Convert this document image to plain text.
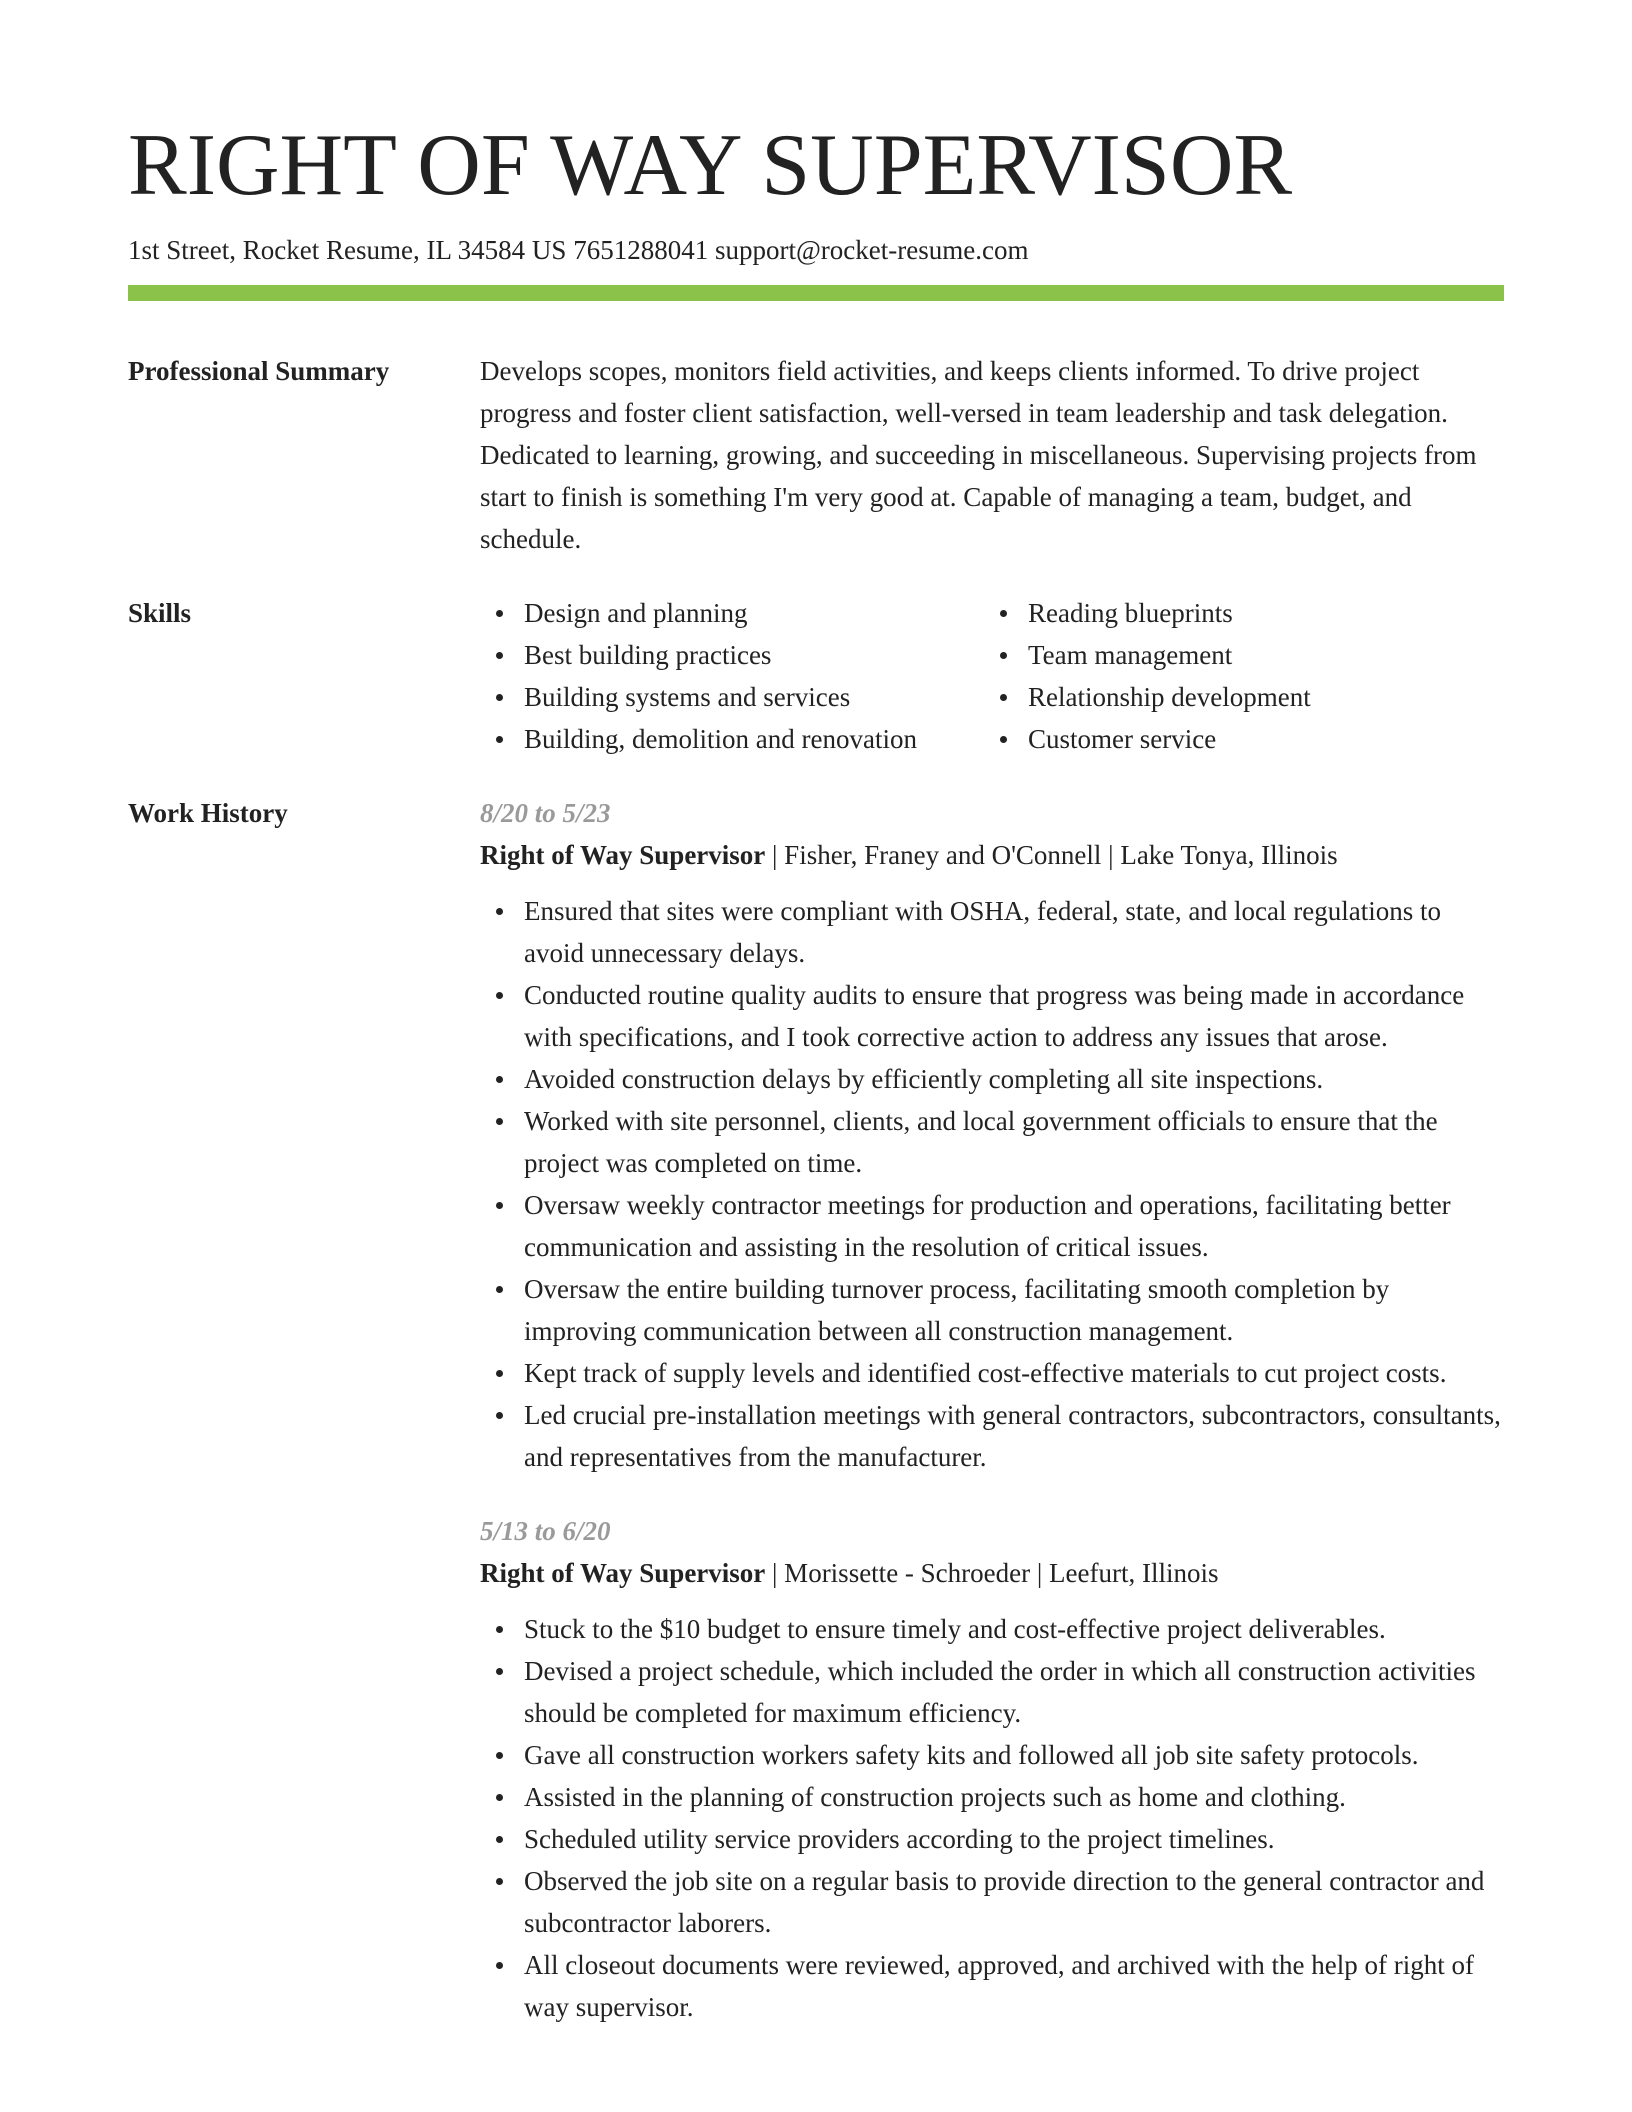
RIGHT OF WAY SUPERVISOR
1st Street, Rocket Resume, IL 34584 US 7651288041 support@rocket-resume.com
Professional Summary	Develops scopes, monitors field activities, and keeps clients informed. To drive project progress and foster client satisfaction, well-versed in team leadership and task delegation. Dedicated to learning, growing, and succeeding in miscellaneous. Supervising projects from start to finish is something I'm very good at. Capable of managing a team, budget, and schedule.

Skills	Design and planning
Best building practices
Building systems and services
Building, demolition and renovation
Reading blueprints
Team management
Relationship development
Customer service
Work History	8/20 to 5/23
Right of Way Supervisor | Fisher, Franey and O'Connell | Lake Tonya, Illinois
Ensured that sites were compliant with OSHA, federal, state, and local regulations to avoid unnecessary delays.
Conducted routine quality audits to ensure that progress was being made in accordance with specifications, and I took corrective action to address any issues that arose.
Avoided construction delays by efficiently completing all site inspections.
Worked with site personnel, clients, and local government officials to ensure that the project was completed on time.
Oversaw weekly contractor meetings for production and operations, facilitating better communication and assisting in the resolution of critical issues.
Oversaw the entire building turnover process, facilitating smooth completion by improving communication between all construction management.
Kept track of supply levels and identified cost-effective materials to cut project costs.
Led crucial pre-installation meetings with general contractors, subcontractors, consultants, and representatives from the manufacturer.
5/13 to 6/20
Right of Way Supervisor | Morissette - Schroeder | Leefurt, Illinois
Stuck to the $10 budget to ensure timely and cost-effective project deliverables.
Devised a project schedule, which included the order in which all construction activities should be completed for maximum efficiency.
Gave all construction workers safety kits and followed all job site safety protocols.
Assisted in the planning of construction projects such as home and clothing.
Scheduled utility service providers according to the project timelines.
Observed the job site on a regular basis to provide direction to the general contractor and subcontractor laborers.
All closeout documents were reviewed, approved, and archived with the help of right of way supervisor.
